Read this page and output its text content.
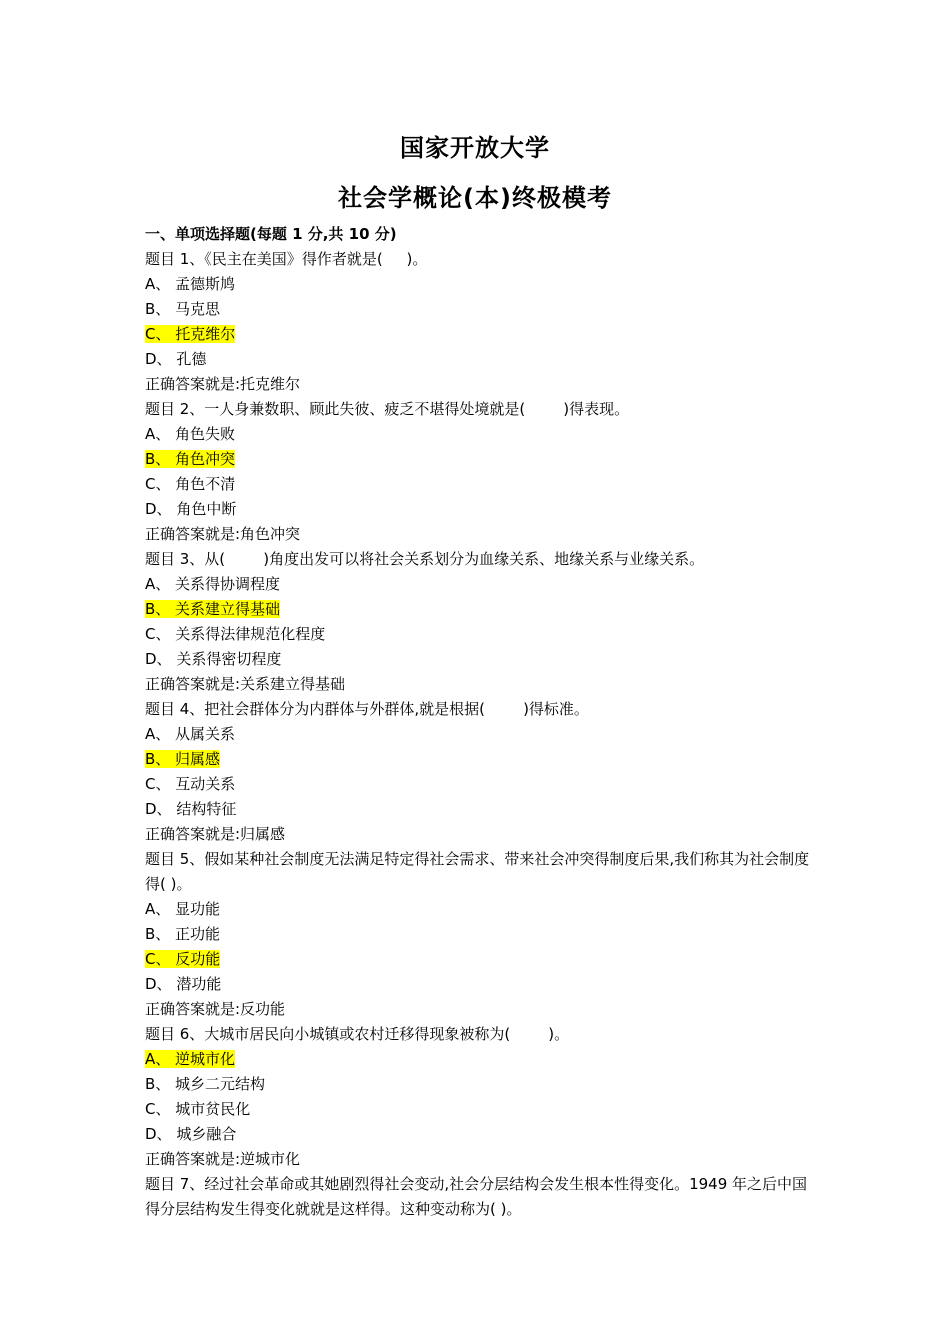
国家开放大学
社会学概论(本)终极模考
一、单项选择题(每题 1 分,共 10 分)
题目 1、《民主在美国》得作者就是(     )。
A、 孟德斯鸠
B、 马克思
C、 托克维尔
D、 孔德
正确答案就是:托克维尔
题目 2、一人身兼数职、顾此失彼、疲乏不堪得处境就是(        )得表现。
A、 角色失败
B、 角色冲突
C、 角色不清
D、 角色中断
正确答案就是:角色冲突
题目 3、从(        )角度出发可以将社会关系划分为血缘关系、地缘关系与业缘关系。
A、 关系得协调程度
B、 关系建立得基础
C、 关系得法律规范化程度
D、 关系得密切程度
正确答案就是:关系建立得基础
题目 4、把社会群体分为内群体与外群体,就是根据(        )得标准。
A、 从属关系
B、 归属感
C、 互动关系
D、 结构特征
正确答案就是:归属感
题目 5、假如某种社会制度无法满足特定得社会需求、带来社会冲突得制度后果,我们称其为社会制度得( )。
A、 显功能
B、 正功能
C、 反功能
D、 潜功能
正确答案就是:反功能
题目 6、大城市居民向小城镇或农村迁移得现象被称为(        )。
A、 逆城市化
B、 城乡二元结构
C、 城市贫民化
D、 城乡融合
正确答案就是:逆城市化
题目 7、经过社会革命或其她剧烈得社会变动,社会分层结构会发生根本性得变化。1949 年之后中国得分层结构发生得变化就就是这样得。这种变动称为( )。
